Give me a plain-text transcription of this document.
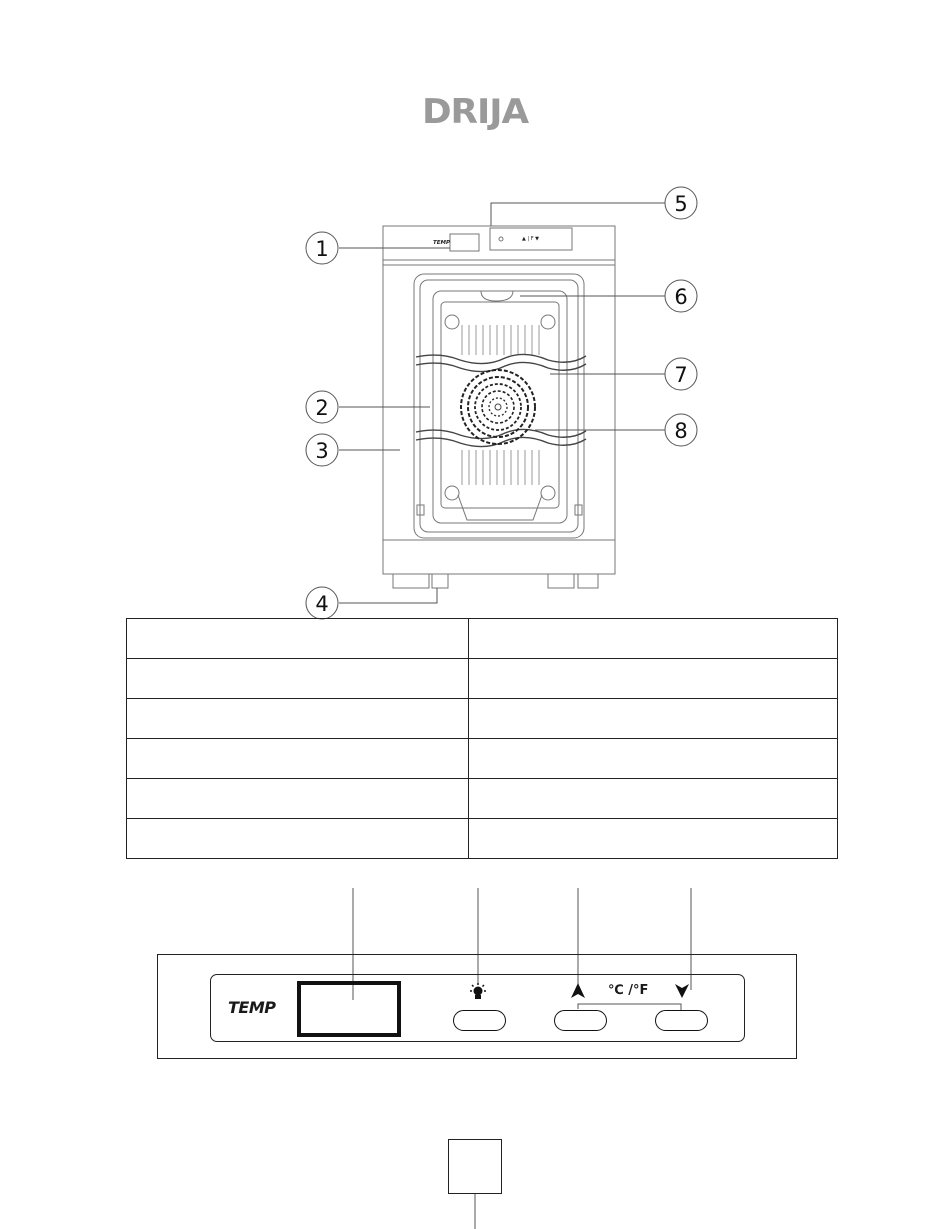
DRIJA
TEMP
▲ | F ▼
1
2
3
4
5
6
7
8

TEMP
℃ /°F
